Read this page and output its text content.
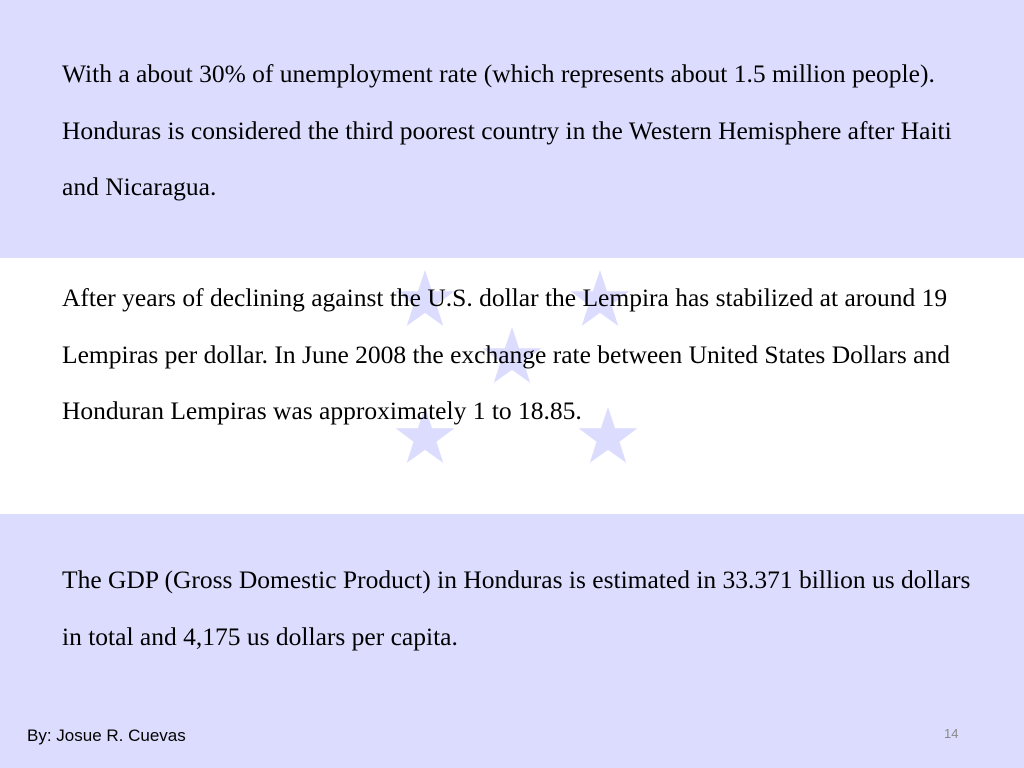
With a about 30% of unemployment rate (which represents about 1.5 million people). Honduras is considered the third poorest country in the Western Hemisphere after Haiti and Nicaragua.

After years of declining against the U.S. dollar the Lempira has stabilized at around 19 Lempiras per dollar. In June 2008 the exchange rate between United States Dollars and Honduran Lempiras was approximately 1 to 18.85.

The GDP (Gross Domestic Product) in Honduras is estimated in 33.371 billion us dollars in total and 4,175 us dollars per capita.

By: Josue R. Cuevas	14
